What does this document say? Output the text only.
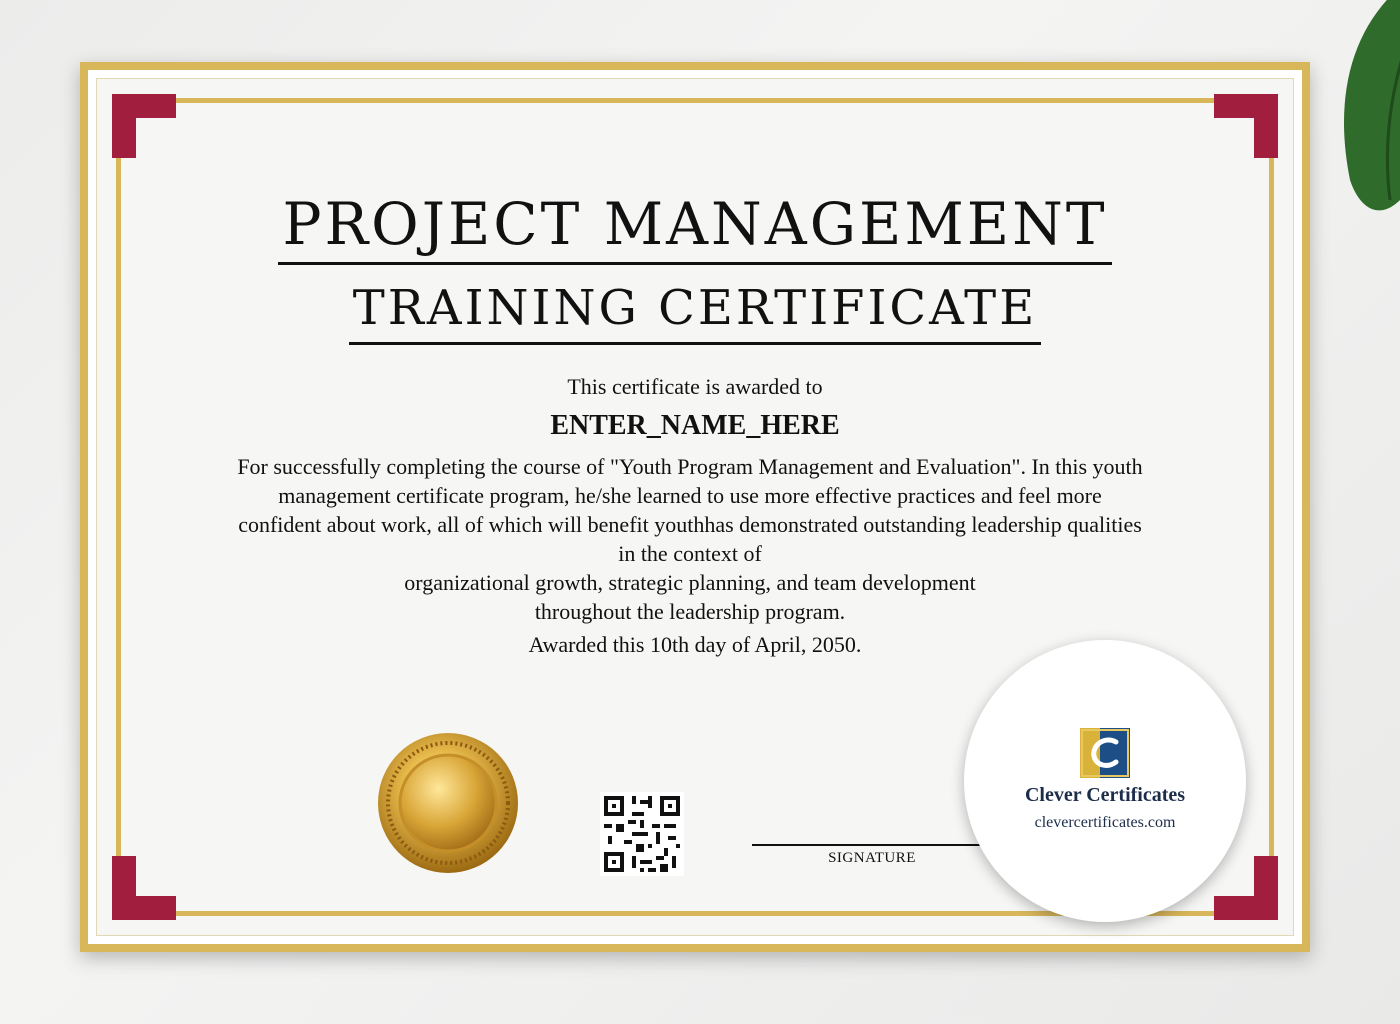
PROJECT MANAGEMENT
TRAINING CERTIFICATE
This certificate is awarded to
ENTER_NAME_HERE
For successfully completing the course of "Youth Program Management and Evaluation". In this youth
management certificate program, he/she learned to use more effective practices and feel more
confident about work, all of which will benefit youthhas demonstrated outstanding leadership qualities
in the context of
organizational growth, strategic planning, and team development
throughout the leadership program.
Awarded this 10th day of April, 2050.
SIGNATURE
Clever Certificates
clevercertificates.com
